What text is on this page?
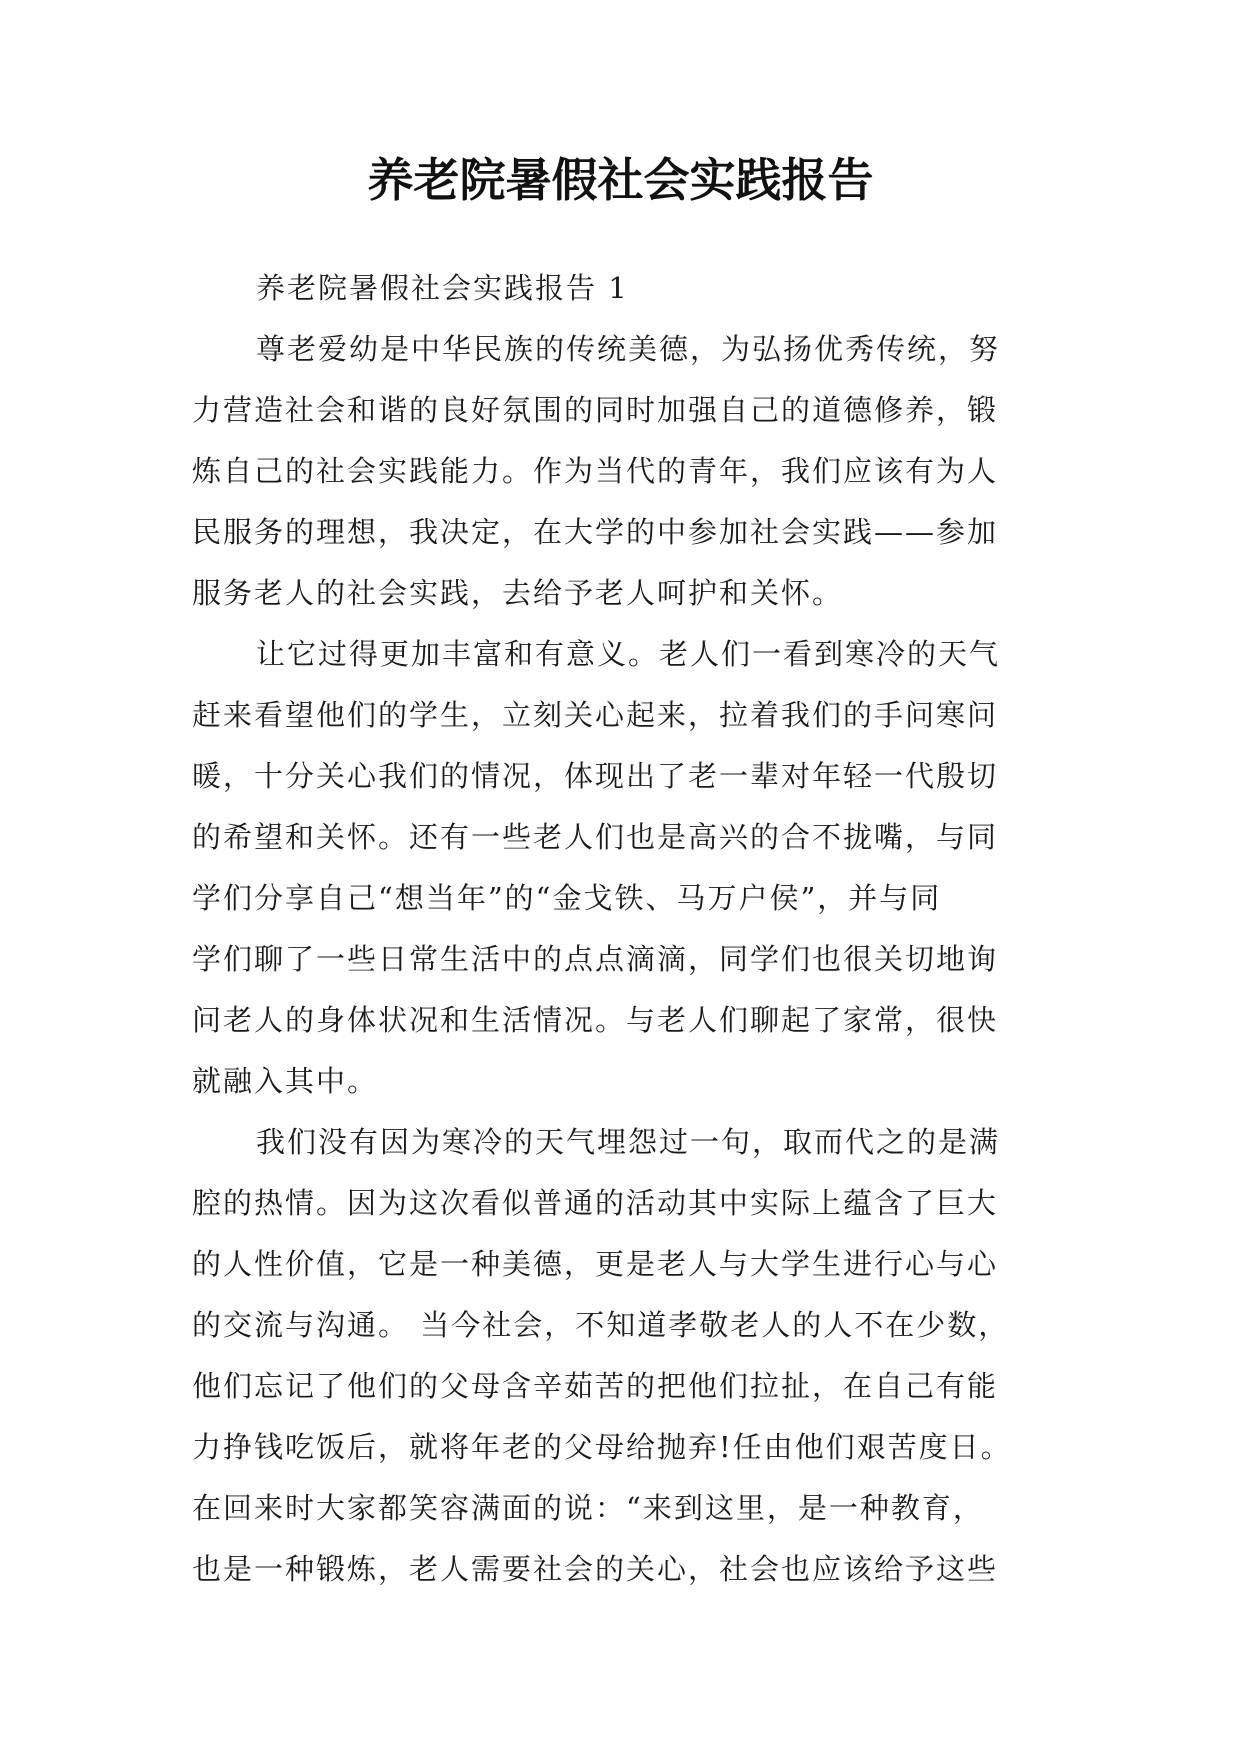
养老院暑假社会实践报告

养老院暑假社会实践报告 1

尊老爱幼是中华民族的传统美德，为弘扬优秀传统，努
力营造社会和谐的良好氛围的同时加强自己的道德修养，锻
炼自己的社会实践能力。作为当代的青年，我们应该有为人
民服务的理想，我决定，在大学的中参加社会实践——参加
服务老人的社会实践，去给予老人呵护和关怀。

让它过得更加丰富和有意义。老人们一看到寒冷的天气
赶来看望他们的学生，立刻关心起来，拉着我们的手问寒问
暖，十分关心我们的情况，体现出了老一辈对年轻一代殷切
的希望和关怀。还有一些老人们也是高兴的合不拢嘴，与同
学们分享自己“想当年”的“金戈铁、马万户侯”，并与同
学们聊了一些日常生活中的点点滴滴，同学们也很关切地询
问老人的身体状况和生活情况。与老人们聊起了家常，很快
就融入其中。

我们没有因为寒冷的天气埋怨过一句，取而代之的是满
腔的热情。因为这次看似普通的活动其中实际上蕴含了巨大
的人性价值，它是一种美德，更是老人与大学生进行心与心
的交流与沟通。 当今社会，不知道孝敬老人的人不在少数，
他们忘记了他们的父母含辛茹苦的把他们拉扯，在自己有能
力挣钱吃饭后，就将年老的父母给抛弃!任由他们艰苦度日。
在回来时大家都笑容满面的说：“来到这里，是一种教育，
也是一种锻炼，老人需要社会的关心，社会也应该给予这些
